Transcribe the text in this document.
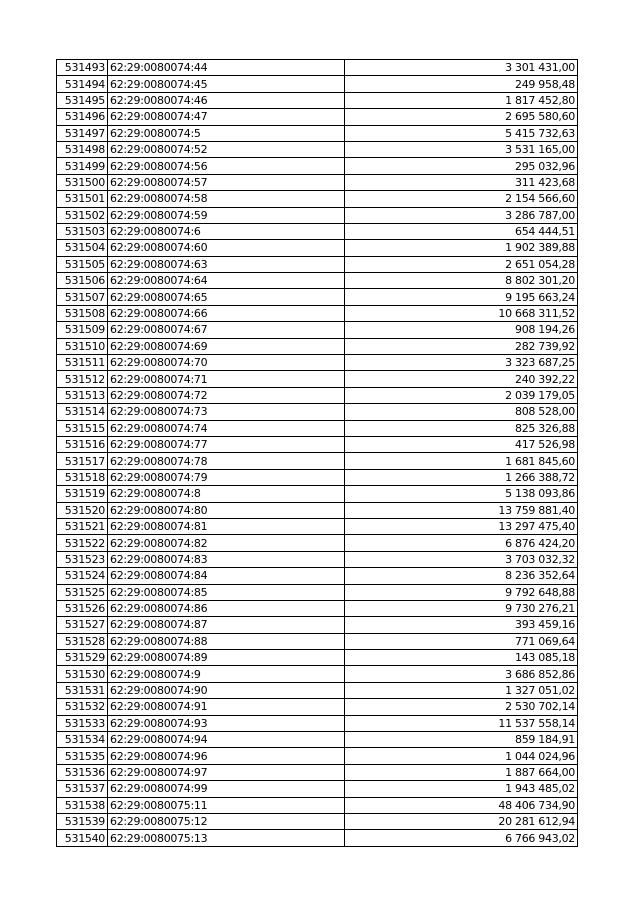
531493	62:29:0080074:44	3 301 431,00
531494	62:29:0080074:45	249 958,48
531495	62:29:0080074:46	1 817 452,80
531496	62:29:0080074:47	2 695 580,60
531497	62:29:0080074:5	5 415 732,63
531498	62:29:0080074:52	3 531 165,00
531499	62:29:0080074:56	295 032,96
531500	62:29:0080074:57	311 423,68
531501	62:29:0080074:58	2 154 566,60
531502	62:29:0080074:59	3 286 787,00
531503	62:29:0080074:6	654 444,51
531504	62:29:0080074:60	1 902 389,88
531505	62:29:0080074:63	2 651 054,28
531506	62:29:0080074:64	8 802 301,20
531507	62:29:0080074:65	9 195 663,24
531508	62:29:0080074:66	10 668 311,52
531509	62:29:0080074:67	908 194,26
531510	62:29:0080074:69	282 739,92
531511	62:29:0080074:70	3 323 687,25
531512	62:29:0080074:71	240 392,22
531513	62:29:0080074:72	2 039 179,05
531514	62:29:0080074:73	808 528,00
531515	62:29:0080074:74	825 326,88
531516	62:29:0080074:77	417 526,98
531517	62:29:0080074:78	1 681 845,60
531518	62:29:0080074:79	1 266 388,72
531519	62:29:0080074:8	5 138 093,86
531520	62:29:0080074:80	13 759 881,40
531521	62:29:0080074:81	13 297 475,40
531522	62:29:0080074:82	6 876 424,20
531523	62:29:0080074:83	3 703 032,32
531524	62:29:0080074:84	8 236 352,64
531525	62:29:0080074:85	9 792 648,88
531526	62:29:0080074:86	9 730 276,21
531527	62:29:0080074:87	393 459,16
531528	62:29:0080074:88	771 069,64
531529	62:29:0080074:89	143 085,18
531530	62:29:0080074:9	3 686 852,86
531531	62:29:0080074:90	1 327 051,02
531532	62:29:0080074:91	2 530 702,14
531533	62:29:0080074:93	11 537 558,14
531534	62:29:0080074:94	859 184,91
531535	62:29:0080074:96	1 044 024,96
531536	62:29:0080074:97	1 887 664,00
531537	62:29:0080074:99	1 943 485,02
531538	62:29:0080075:11	48 406 734,90
531539	62:29:0080075:12	20 281 612,94
531540	62:29:0080075:13	6 766 943,02
